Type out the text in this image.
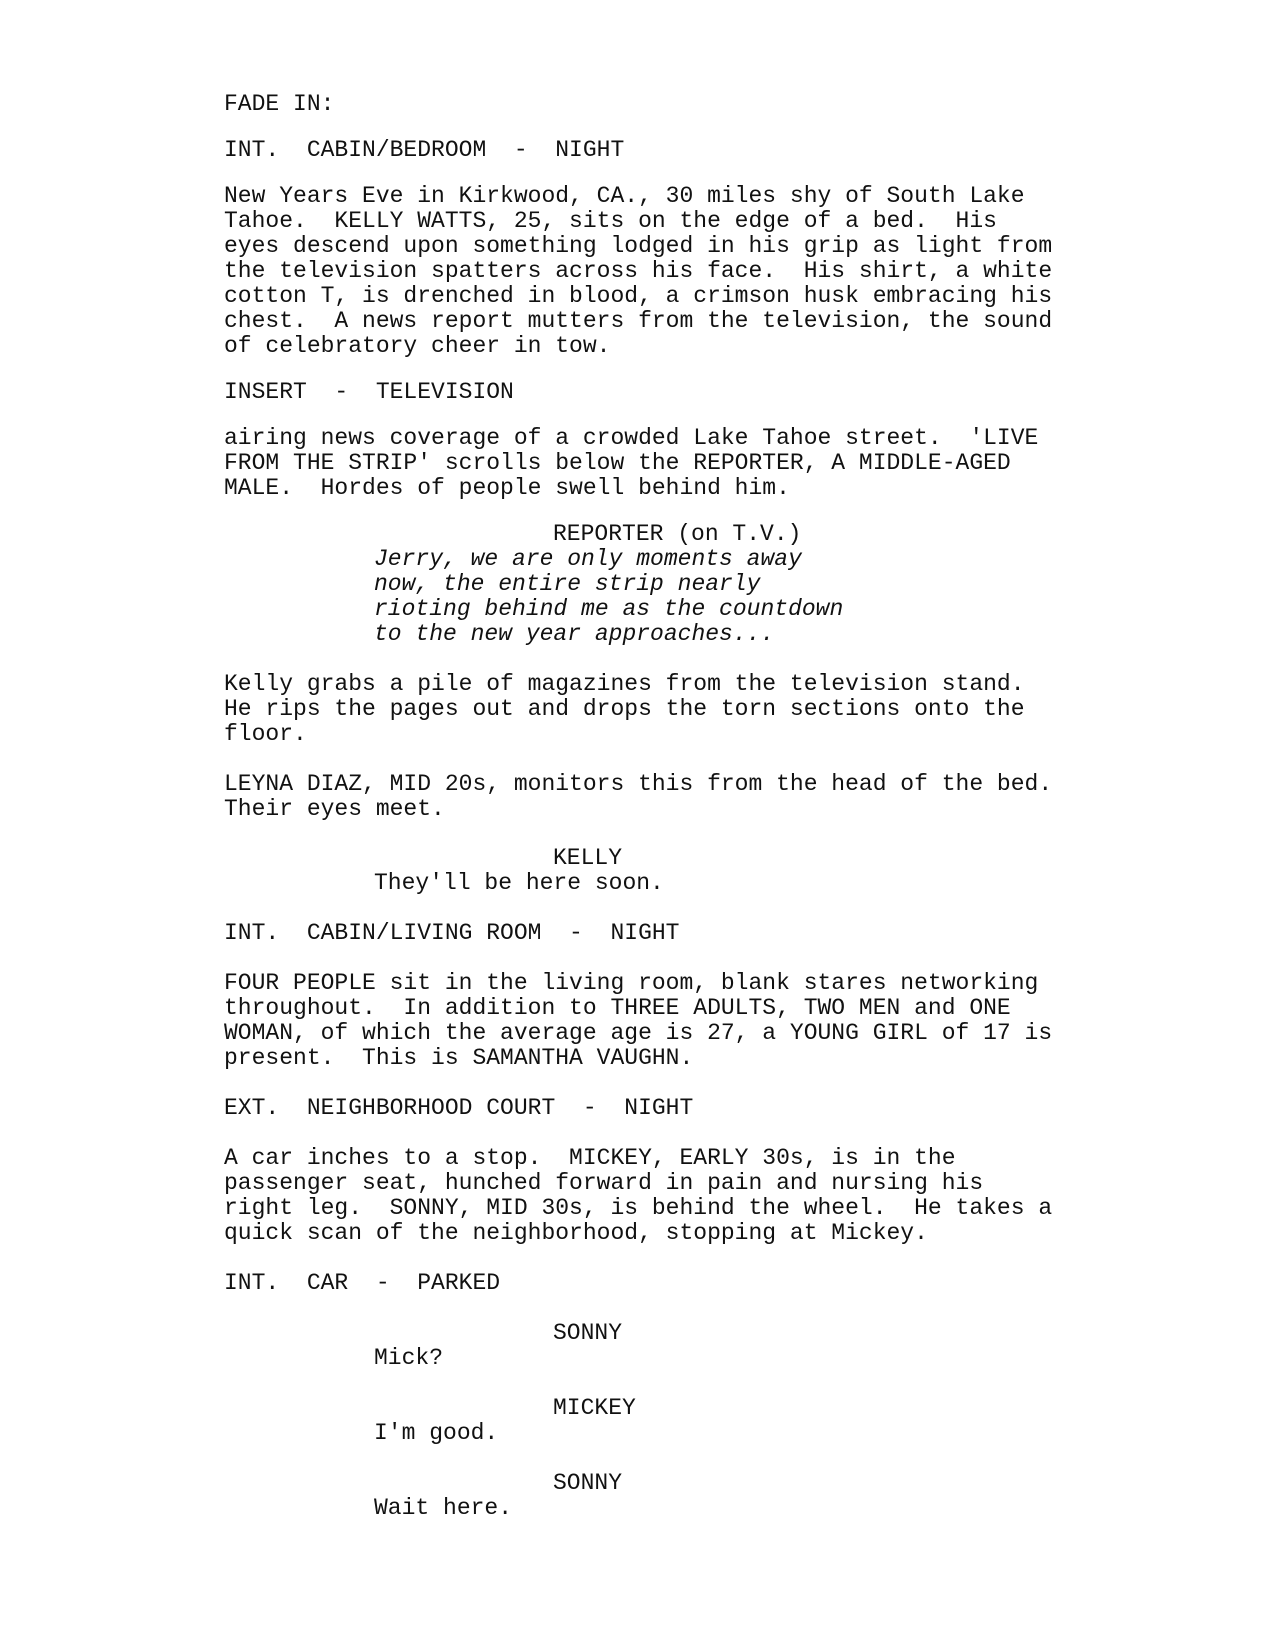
FADE IN:

INT.  CABIN/BEDROOM  -  NIGHT

New Years Eve in Kirkwood, CA., 30 miles shy of South Lake

Tahoe.  KELLY WATTS, 25, sits on the edge of a bed.  His

eyes descend upon something lodged in his grip as light from

the television spatters across his face.  His shirt, a white

cotton T, is drenched in blood, a crimson husk embracing his

chest.  A news report mutters from the television, the sound

of celebratory cheer in tow.

INSERT  -  TELEVISION

airing news coverage of a crowded Lake Tahoe street.  'LIVE

FROM THE STRIP' scrolls below the REPORTER, A MIDDLE-AGED

MALE.  Hordes of people swell behind him.

REPORTER (on T.V.)

Jerry, we are only moments away

now, the entire strip nearly

rioting behind me as the countdown

to the new year approaches...

Kelly grabs a pile of magazines from the television stand.

He rips the pages out and drops the torn sections onto the

floor.

LEYNA DIAZ, MID 20s, monitors this from the head of the bed.

Their eyes meet.

KELLY

They'll be here soon.

INT.  CABIN/LIVING ROOM  -  NIGHT

FOUR PEOPLE sit in the living room, blank stares networking

throughout.  In addition to THREE ADULTS, TWO MEN and ONE

WOMAN, of which the average age is 27, a YOUNG GIRL of 17 is

present.  This is SAMANTHA VAUGHN.

EXT.  NEIGHBORHOOD COURT  -  NIGHT

A car inches to a stop.  MICKEY, EARLY 30s, is in the

passenger seat, hunched forward in pain and nursing his

right leg.  SONNY, MID 30s, is behind the wheel.  He takes a

quick scan of the neighborhood, stopping at Mickey.

INT.  CAR  -  PARKED

SONNY

Mick?

MICKEY

I'm good.

SONNY

Wait here.
